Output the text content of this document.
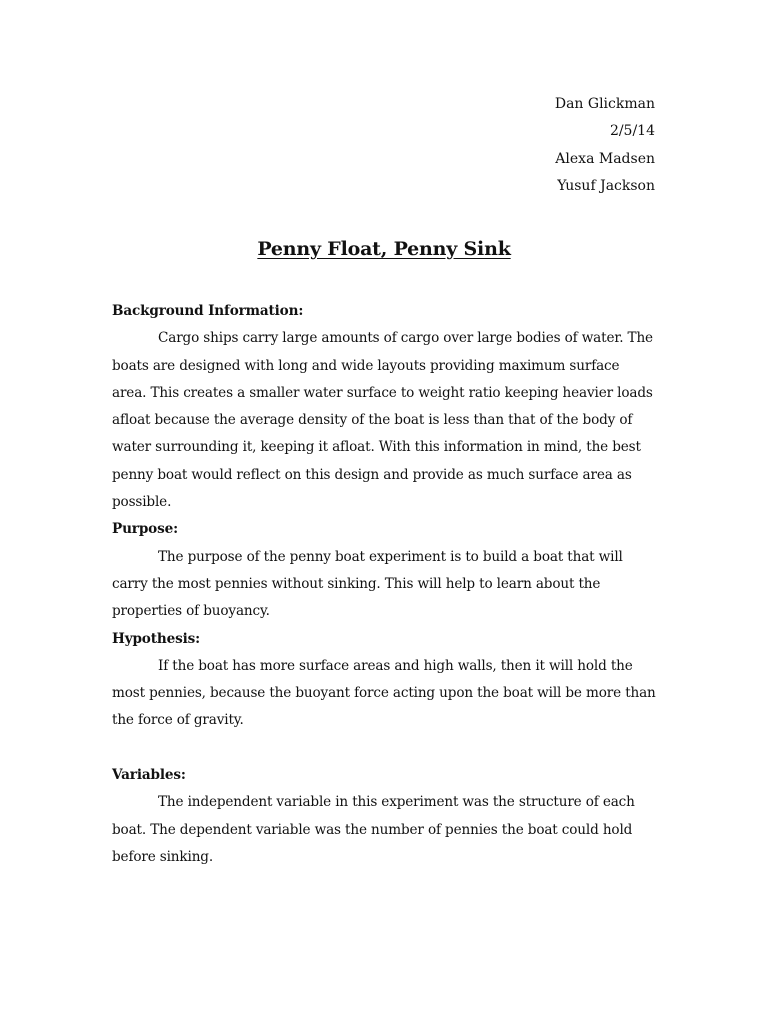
Dan Glickman
2/5/14
Alexa Madsen
Yusuf Jackson
Penny Float, Penny Sink

Background Information:

Cargo ships carry large amounts of cargo over large bodies of water. The boats are designed with long and wide layouts providing maximum surface area. This creates a smaller water surface to weight ratio keeping heavier loads afloat because the average density of the boat is less than that of the body of water surrounding it, keeping it afloat. With this information in mind, the best penny boat would reflect on this design and provide as much surface area as possible.

Purpose:

The purpose of the penny boat experiment is to build a boat that will carry the most pennies without sinking. This will help to learn about the properties of buoyancy.

Hypothesis:

If the boat has more surface areas and high walls, then it will hold the most pennies, because the buoyant force acting upon the boat will be more than the force of gravity.

Variables:

The independent variable in this experiment was the structure of each boat. The dependent variable was the number of pennies the boat could hold before sinking.
